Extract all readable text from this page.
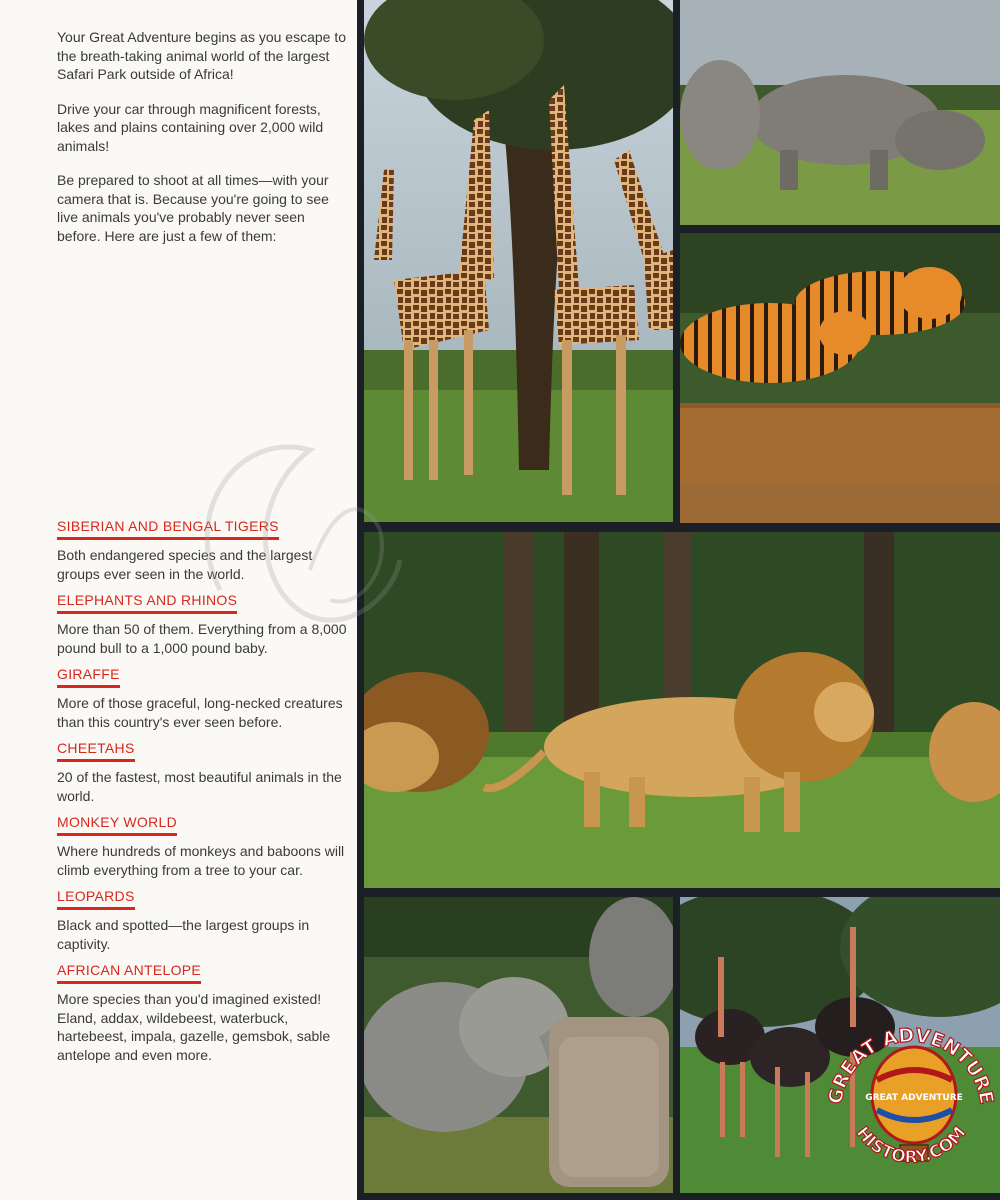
Your Great Adventure begins as you escape to the breath-taking animal world of the largest Safari Park outside of Africa!

Drive your car through magnificent forests, lakes and plains containing over 2,000 wild animals!

Be prepared to shoot at all times—with your camera that is. Because you're going to see live animals you've probably never seen before. Here are just a few of them:

SIBERIAN AND BENGAL TIGERS

Both endangered species and the largest groups ever seen in the world.

ELEPHANTS AND RHINOS

More than 50 of them. Everything from a 8,000 pound bull to a 1,000 pound baby.

GIRAFFE

More of those graceful, long-necked creatures than this country's ever seen before.

CHEETAHS

20 of the fastest, most beautiful animals in the world.

MONKEY WORLD

Where hundreds of monkeys and baboons will climb everything from a tree to your car.

LEOPARDS

Black and spotted—the largest groups in captivity.

AFRICAN ANTELOPE

More species than you'd imagined existed! Eland, addax, wildebeest, waterbuck, hartebeest, impala, gazelle, gemsbok, sable antelope and even more.

GREAT ADVENTURE
GREAT ADVENTURE
HISTORY.COM
